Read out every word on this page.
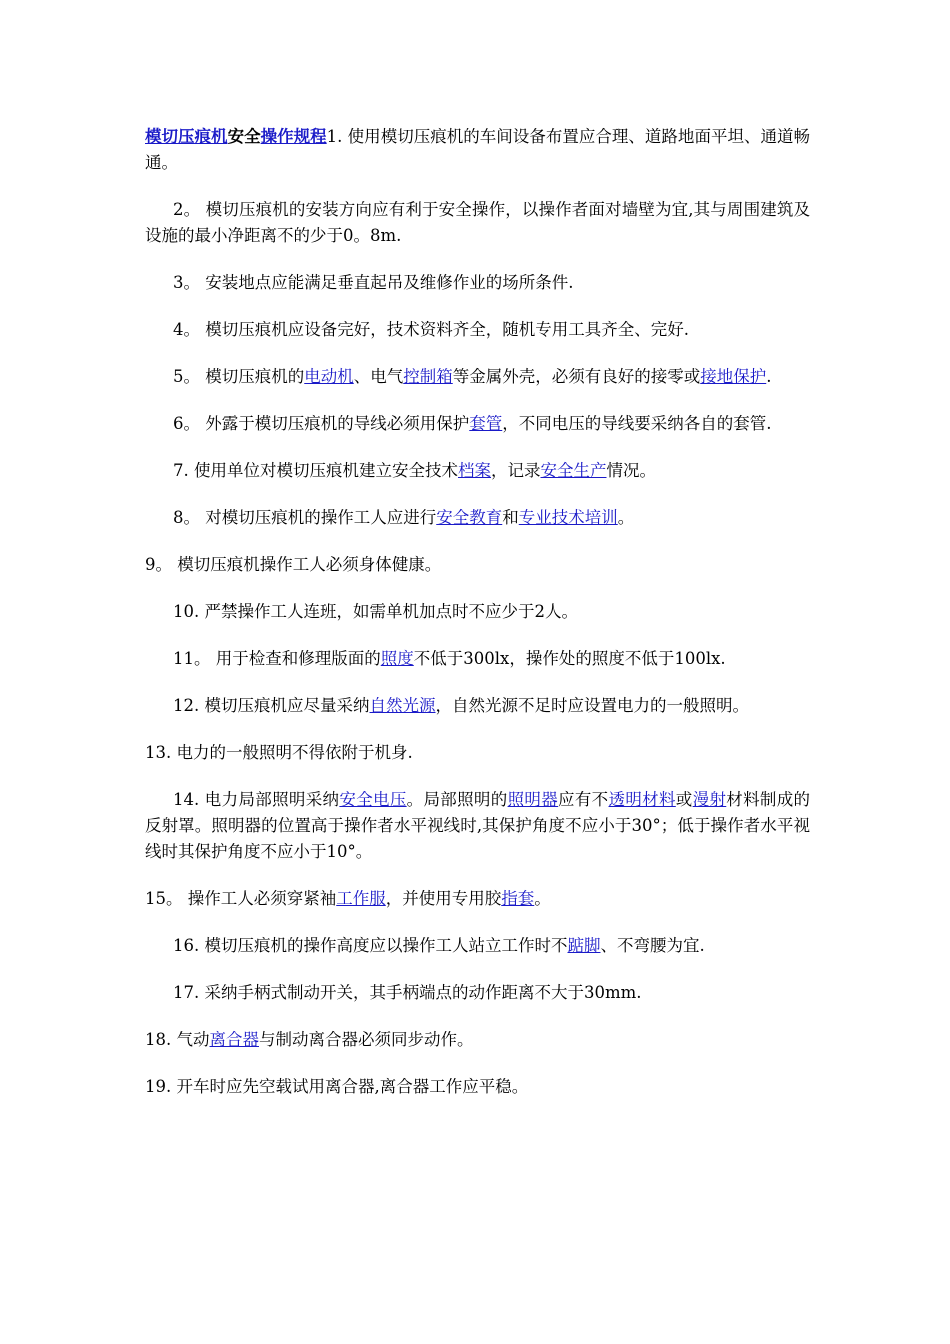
模切压痕机安全操作规程1. 使用模切压痕机的车间设备布置应合理、道路地面平坦、通道畅通。

2。 模切压痕机的安装方向应有利于安全操作，以操作者面对墙壁为宜,其与周围建筑及设施的最小净距离不的少于0。8m.

3。 安装地点应能满足垂直起吊及维修作业的场所条件.

4。 模切压痕机应设备完好，技术资料齐全，随机专用工具齐全、完好.

5。 模切压痕机的电动机、电气控制箱等金属外壳，必须有良好的接零或接地保护.

6。 外露于模切压痕机的导线必须用保护套管，不同电压的导线要采纳各自的套管.

7. 使用单位对模切压痕机建立安全技术档案，记录安全生产情况。

8。 对模切压痕机的操作工人应进行安全教育和专业技术培训。

9。 模切压痕机操作工人必须身体健康。

10. 严禁操作工人连班，如需单机加点时不应少于2人。

11。 用于检查和修理版面的照度不低于300lx，操作处的照度不低于100lx.

12. 模切压痕机应尽量采纳自然光源，自然光源不足时应设置电力的一般照明。

13. 电力的一般照明不得依附于机身.

14. 电力局部照明采纳安全电压。局部照明的照明器应有不透明材料或漫射材料制成的反射罩。照明器的位置高于操作者水平视线时,其保护角度不应小于30°；低于操作者水平视线时其保护角度不应小于10°。

15。 操作工人必须穿紧袖工作服，并使用专用胶指套。

16. 模切压痕机的操作高度应以操作工人站立工作时不踮脚、不弯腰为宜.

17. 采纳手柄式制动开关，其手柄端点的动作距离不大于30mm.

18. 气动离合器与制动离合器必须同步动作。

19. 开车时应先空载试用离合器,离合器工作应平稳。
